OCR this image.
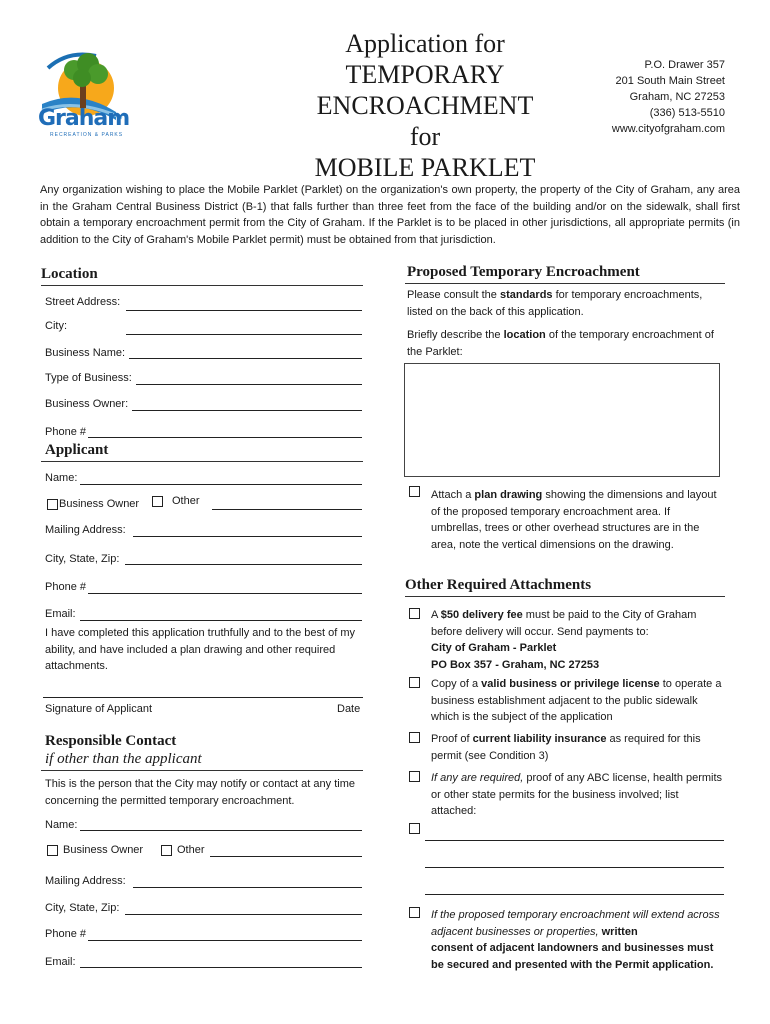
Graham
RECREATION & PARKS
Application for
TEMPORARY
ENCROACHMENT for
MOBILE PARKLET
P.O. Drawer 357
201 South Main Street
Graham, NC 27253
(336) 513-5510
www.cityofgraham.com
Any organization wishing to place the Mobile Parklet (Parklet) on the organization's own property, the property of the City of Graham, any area in the Graham Central Business District (B-1) that falls further than three feet from the face of the building and/or on the sidewalk, shall first obtain a temporary encroachment permit from the City of Graham. If the Parklet is to be placed in other jurisdictions, all appropriate permits (in addition to the City of Graham's Mobile Parklet permit) must be obtained from that jurisdiction.
Location
Street Address:
City:
Business Name:
Type of Business:
Business Owner:
Phone #
Applicant
Name:
Business Owner	Other
Mailing Address:
City, State, Zip:
Phone #
Email:
I have completed this application truthfully and to the best of my ability, and have included a plan drawing and other required attachments.
Signature of Applicant	Date
Responsible Contact
if other than the applicant
This is the person that the City may notify or contact at any time concerning the permitted temporary encroachment.
Name:
Business Owner	Other
Mailing Address:
City, State, Zip:
Phone #
Email:
Proposed Temporary Encroachment
Please consult the standards for temporary encroachments, listed on the back of this application.
Briefly describe the location of the temporary encroachment of the Parklet:
Attach a plan drawing showing the dimensions and layout of the proposed temporary encroachment area. If umbrellas, trees or other overhead structures are in the area, note the vertical dimensions on the drawing.
Other Required Attachments
A $50 delivery fee must be paid to the City of Graham before delivery will occur. Send payments to:
City of Graham - Parklet
PO Box 357 - Graham, NC 27253
Copy of a valid business or privilege license to operate a business establishment adjacent to the public sidewalk which is the subject of the application
Proof of current liability insurance as required for this permit (see Condition 3)
If any are required, proof of any ABC license, health permits or other state permits for the business involved; list attached:
If the proposed temporary encroachment will extend across adjacent businesses or properties, written
consent of adjacent landowners and businesses must be secured and presented with the Permit application.
